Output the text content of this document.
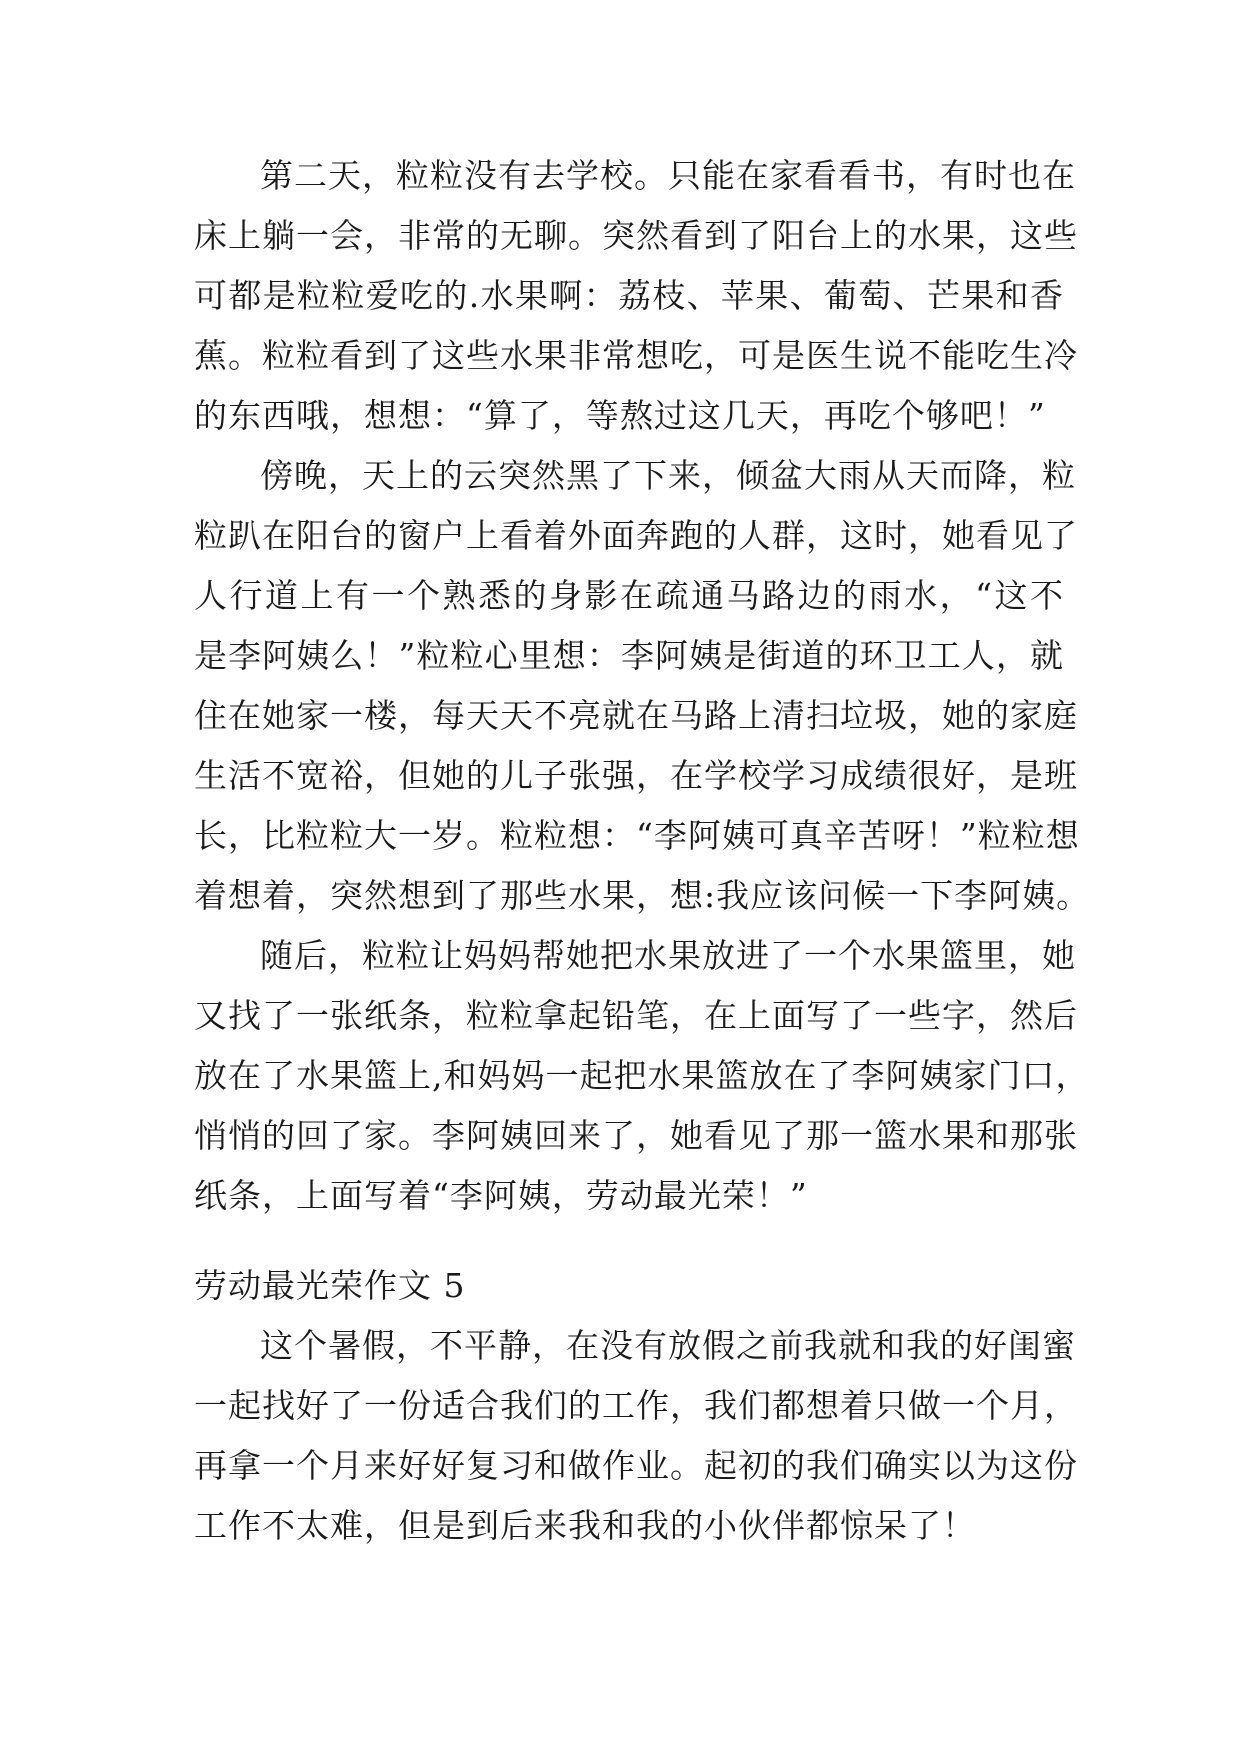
第二天，粒粒没有去学校。只能在家看看书，有时也在
床上躺一会，非常的无聊。突然看到了阳台上的水果，这些
可都是粒粒爱吃的.水果啊：荔枝、苹果、葡萄、芒果和香
蕉。粒粒看到了这些水果非常想吃，可是医生说不能吃生冷
的东西哦，想想：“算了，等熬过这几天，再吃个够吧！”
傍晚，天上的云突然黑了下来，倾盆大雨从天而降，粒
粒趴在阳台的窗户上看着外面奔跑的人群，这时，她看见了
人行道上有一个熟悉的身影在疏通马路边的雨水，“这不
是李阿姨么！”粒粒心里想：李阿姨是街道的环卫工人，就
住在她家一楼，每天天不亮就在马路上清扫垃圾，她的家庭
生活不宽裕，但她的儿子张强，在学校学习成绩很好，是班
长，比粒粒大一岁。粒粒想：“李阿姨可真辛苦呀！”粒粒想
着想着，突然想到了那些水果，想:我应该问候一下李阿姨。
随后，粒粒让妈妈帮她把水果放进了一个水果篮里，她
又找了一张纸条，粒粒拿起铅笔，在上面写了一些字，然后
放在了水果篮上,和妈妈一起把水果篮放在了李阿姨家门口，
悄悄的回了家。李阿姨回来了，她看见了那一篮水果和那张
纸条，上面写着“李阿姨，劳动最光荣！”
劳动最光荣作文 5
这个暑假，不平静，在没有放假之前我就和我的好闺蜜
一起找好了一份适合我们的工作，我们都想着只做一个月，
再拿一个月来好好复习和做作业。起初的我们确实以为这份
工作不太难，但是到后来我和我的小伙伴都惊呆了！
